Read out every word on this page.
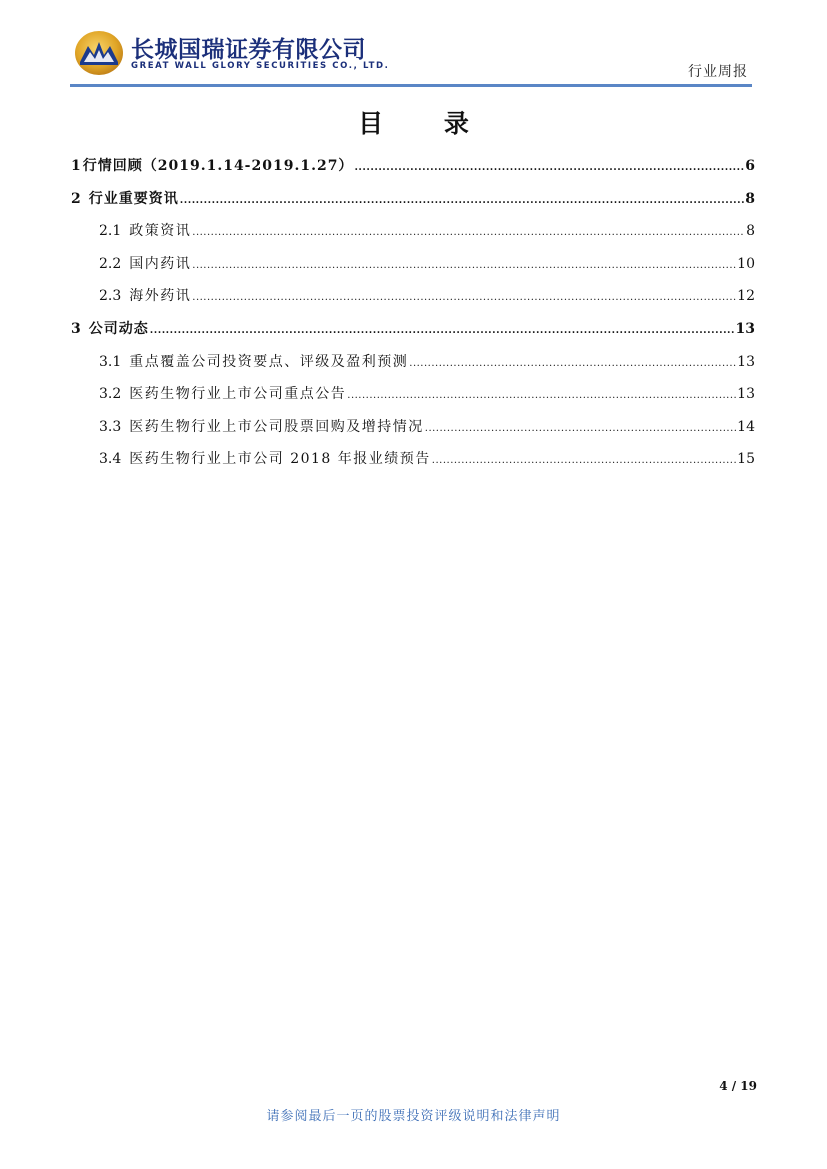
长城国瑞证券有限公司
GREAT WALL GLORY SECURITIES CO., LTD.	行业周报
目 录
1 行情回顾（2019.1.14-2019.1.27） .....	6
2 行业重要资讯 .....	8
2.1 政策资讯 .....	8
2.2 国内药讯 .....	10
2.3 海外药讯 .....	12
3 公司动态 .....	13
3.1 重点覆盖公司投资要点、评级及盈利预测 .....	13
3.2 医药生物行业上市公司重点公告 .....	13
3.3 医药生物行业上市公司股票回购及增持情况 .....	14
3.4 医药生物行业上市公司 2018 年报业绩预告 .....	15
4 / 19
请参阅最后一页的股票投资评级说明和法律声明
